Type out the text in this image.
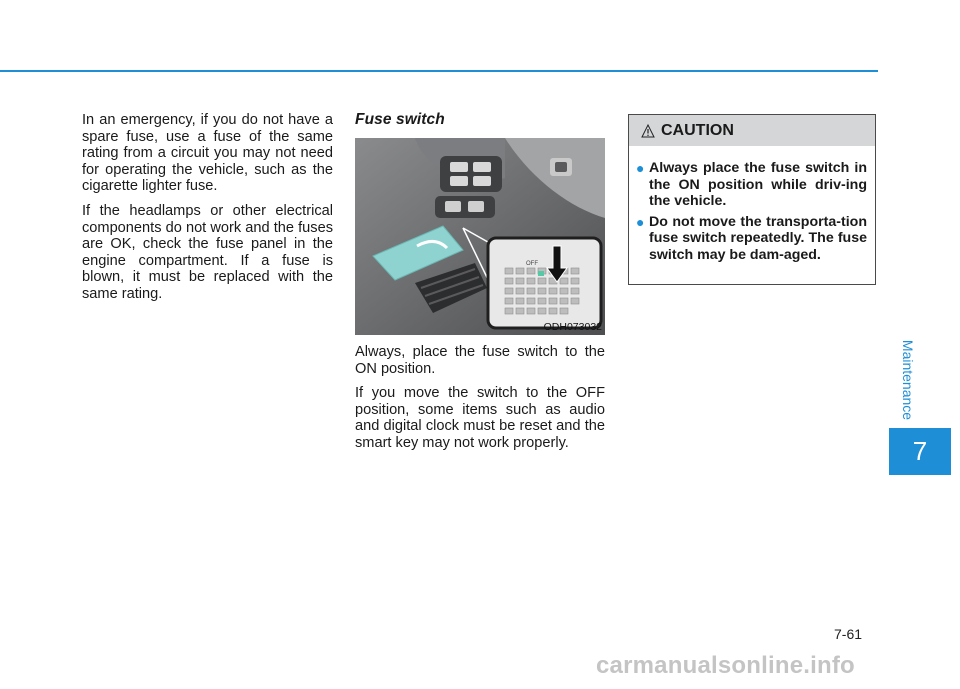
In an emergency, if you do not have a spare fuse, use a fuse of the same rating from a circuit you may not need for operating the vehicle, such as the cigarette lighter fuse.

If the headlamps or other electrical components do not work and the fuses are OK, check the fuse panel in the engine compartment. If a fuse is blown, it must be replaced with the same rating.

Fuse switch
OFF
ODH073032

Always, place the fuse switch to the ON position.

If you move the switch to the OFF position, some items such as audio and digital clock must be reset and the smart key may not work properly.

CAUTION
● Always place the fuse switch in the ON position while driv-ing the vehicle.
● Do not move the transporta-tion fuse switch repeatedly. The fuse switch may be dam-aged.
Maintenance
7
7-61
carmanualsonline.info
